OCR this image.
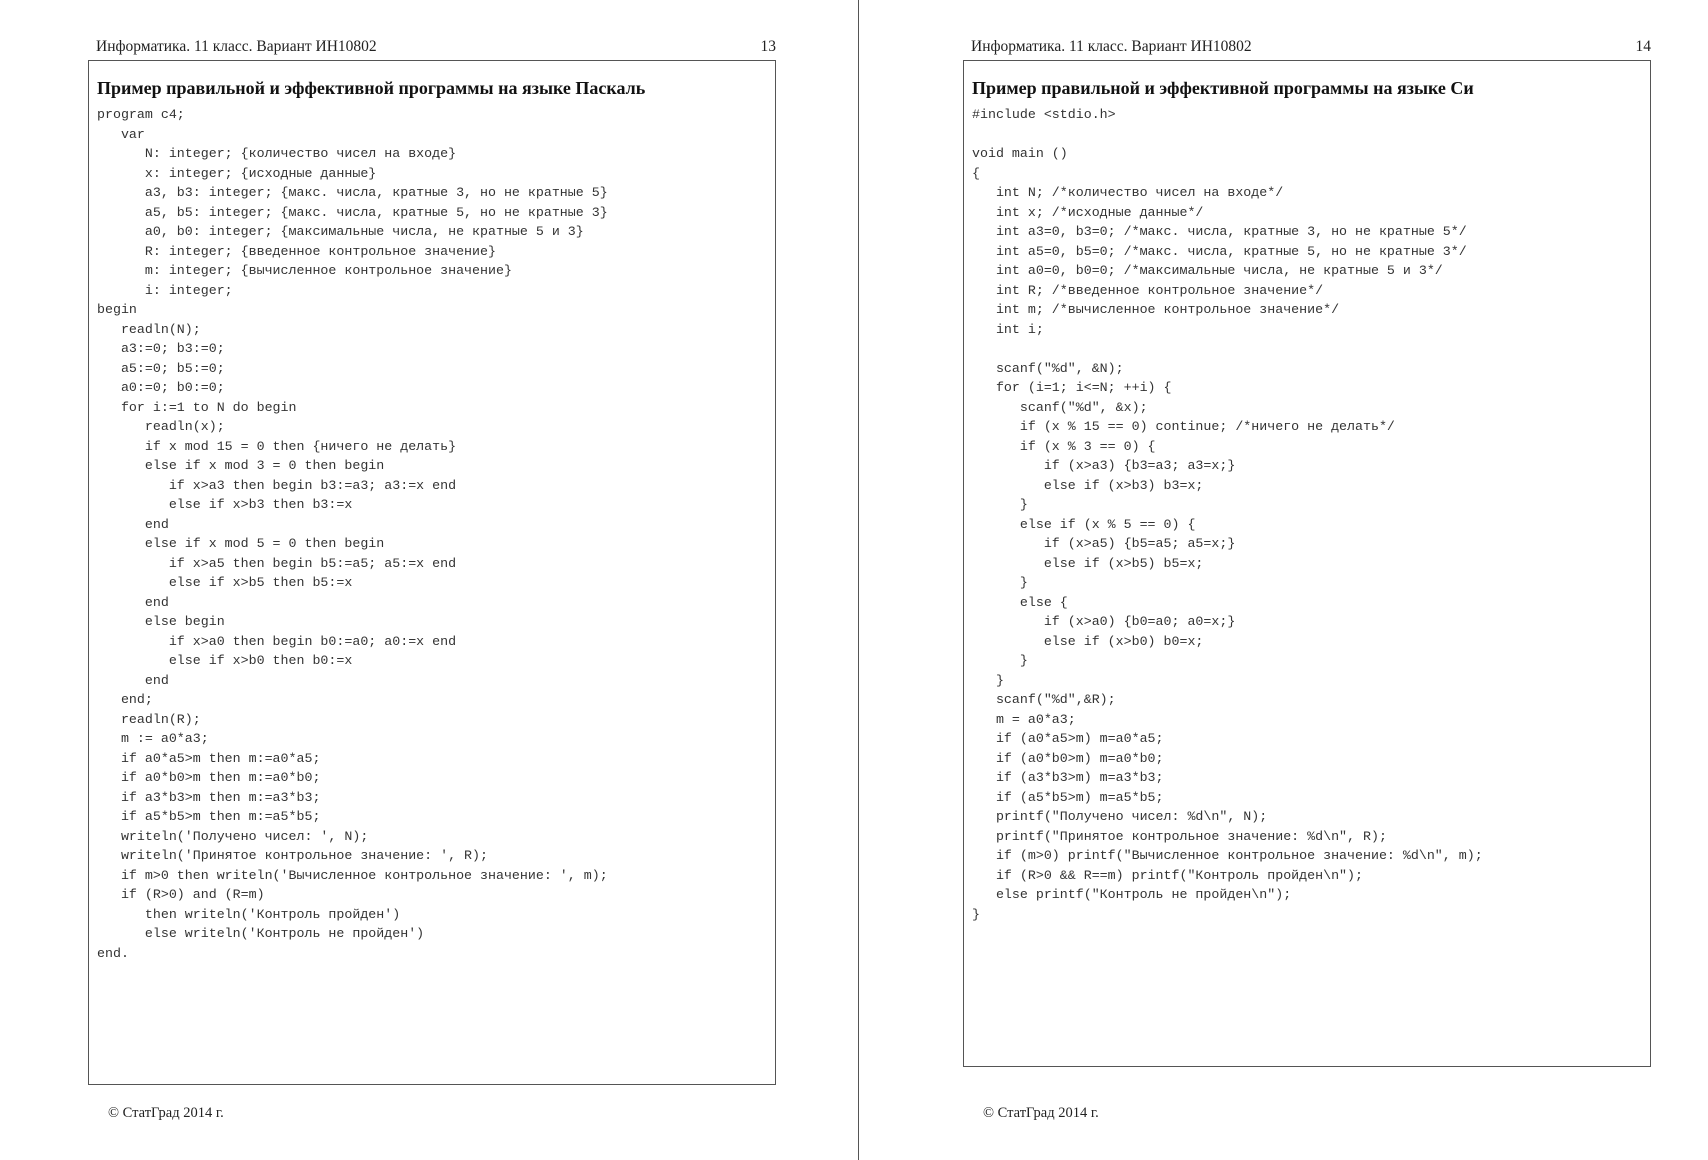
Информатика. 11 класс. Вариант ИН10802	13
Пример правильной и эффективной программы на языке Паскаль
program c4;
var
N: integer; {количество чисел на входе}
x: integer; {исходные данные}
a3, b3: integer; {макс. числа, кратные 3, но не кратные 5}
a5, b5: integer; {макс. числа, кратные 5, но не кратные 3}
a0, b0: integer; {максимальные числа, не кратные 5 и 3}
R: integer; {введенное контрольное значение}
m: integer; {вычисленное контрольное значение}
i: integer;
begin
readln(N);
a3:=0; b3:=0;
a5:=0; b5:=0;
a0:=0; b0:=0;
for i:=1 to N do begin
readln(x);
if x mod 15 = 0 then {ничего не делать}
else if x mod 3 = 0 then begin
if x>a3 then begin b3:=a3; a3:=x end
else if x>b3 then b3:=x
end
else if x mod 5 = 0 then begin
if x>a5 then begin b5:=a5; a5:=x end
else if x>b5 then b5:=x
end
else begin
if x>a0 then begin b0:=a0; a0:=x end
else if x>b0 then b0:=x
end
end;
readln(R);
m := a0*a3;
if a0*a5>m then m:=a0*a5;
if a0*b0>m then m:=a0*b0;
if a3*b3>m then m:=a3*b3;
if a5*b5>m then m:=a5*b5;
writeln('Получено чисел: ', N);
writeln('Принятое контрольное значение: ', R);
if m>0 then writeln('Вычисленное контрольное значение: ', m);
if (R>0) and (R=m)
then writeln('Контроль пройден')
else writeln('Контроль не пройден')
end.
© СтатГрад 2014 г.
Информатика. 11 класс. Вариант ИН10802	14
Пример правильной и эффективной программы на языке Си
#include <stdio.h>
void main ()
{
int N; /*количество чисел на входе*/
int x; /*исходные данные*/
int a3=0, b3=0; /*макс. числа, кратные 3, но не кратные 5*/
int a5=0, b5=0; /*макс. числа, кратные 5, но не кратные 3*/
int a0=0, b0=0; /*максимальные числа, не кратные 5 и 3*/
int R; /*введенное контрольное значение*/
int m; /*вычисленное контрольное значение*/
int i;
scanf("%d", &N);
for (i=1; i<=N; ++i) {
scanf("%d", &x);
if (x % 15 == 0) continue; /*ничего не делать*/
if (x % 3 == 0) {
if (x>a3) {b3=a3; a3=x;}
else if (x>b3) b3=x;
}
else if (x % 5 == 0) {
if (x>a5) {b5=a5; a5=x;}
else if (x>b5) b5=x;
}
else {
if (x>a0) {b0=a0; a0=x;}
else if (x>b0) b0=x;
}
}
scanf("%d",&R);
m = a0*a3;
if (a0*a5>m) m=a0*a5;
if (a0*b0>m) m=a0*b0;
if (a3*b3>m) m=a3*b3;
if (a5*b5>m) m=a5*b5;
printf("Получено чисел: %d\n", N);
printf("Принятое контрольное значение: %d\n", R);
if (m>0) printf("Вычисленное контрольное значение: %d\n", m);
if (R>0 && R==m) printf("Контроль пройден\n");
else printf("Контроль не пройден\n");
}
© СтатГрад 2014 г.
